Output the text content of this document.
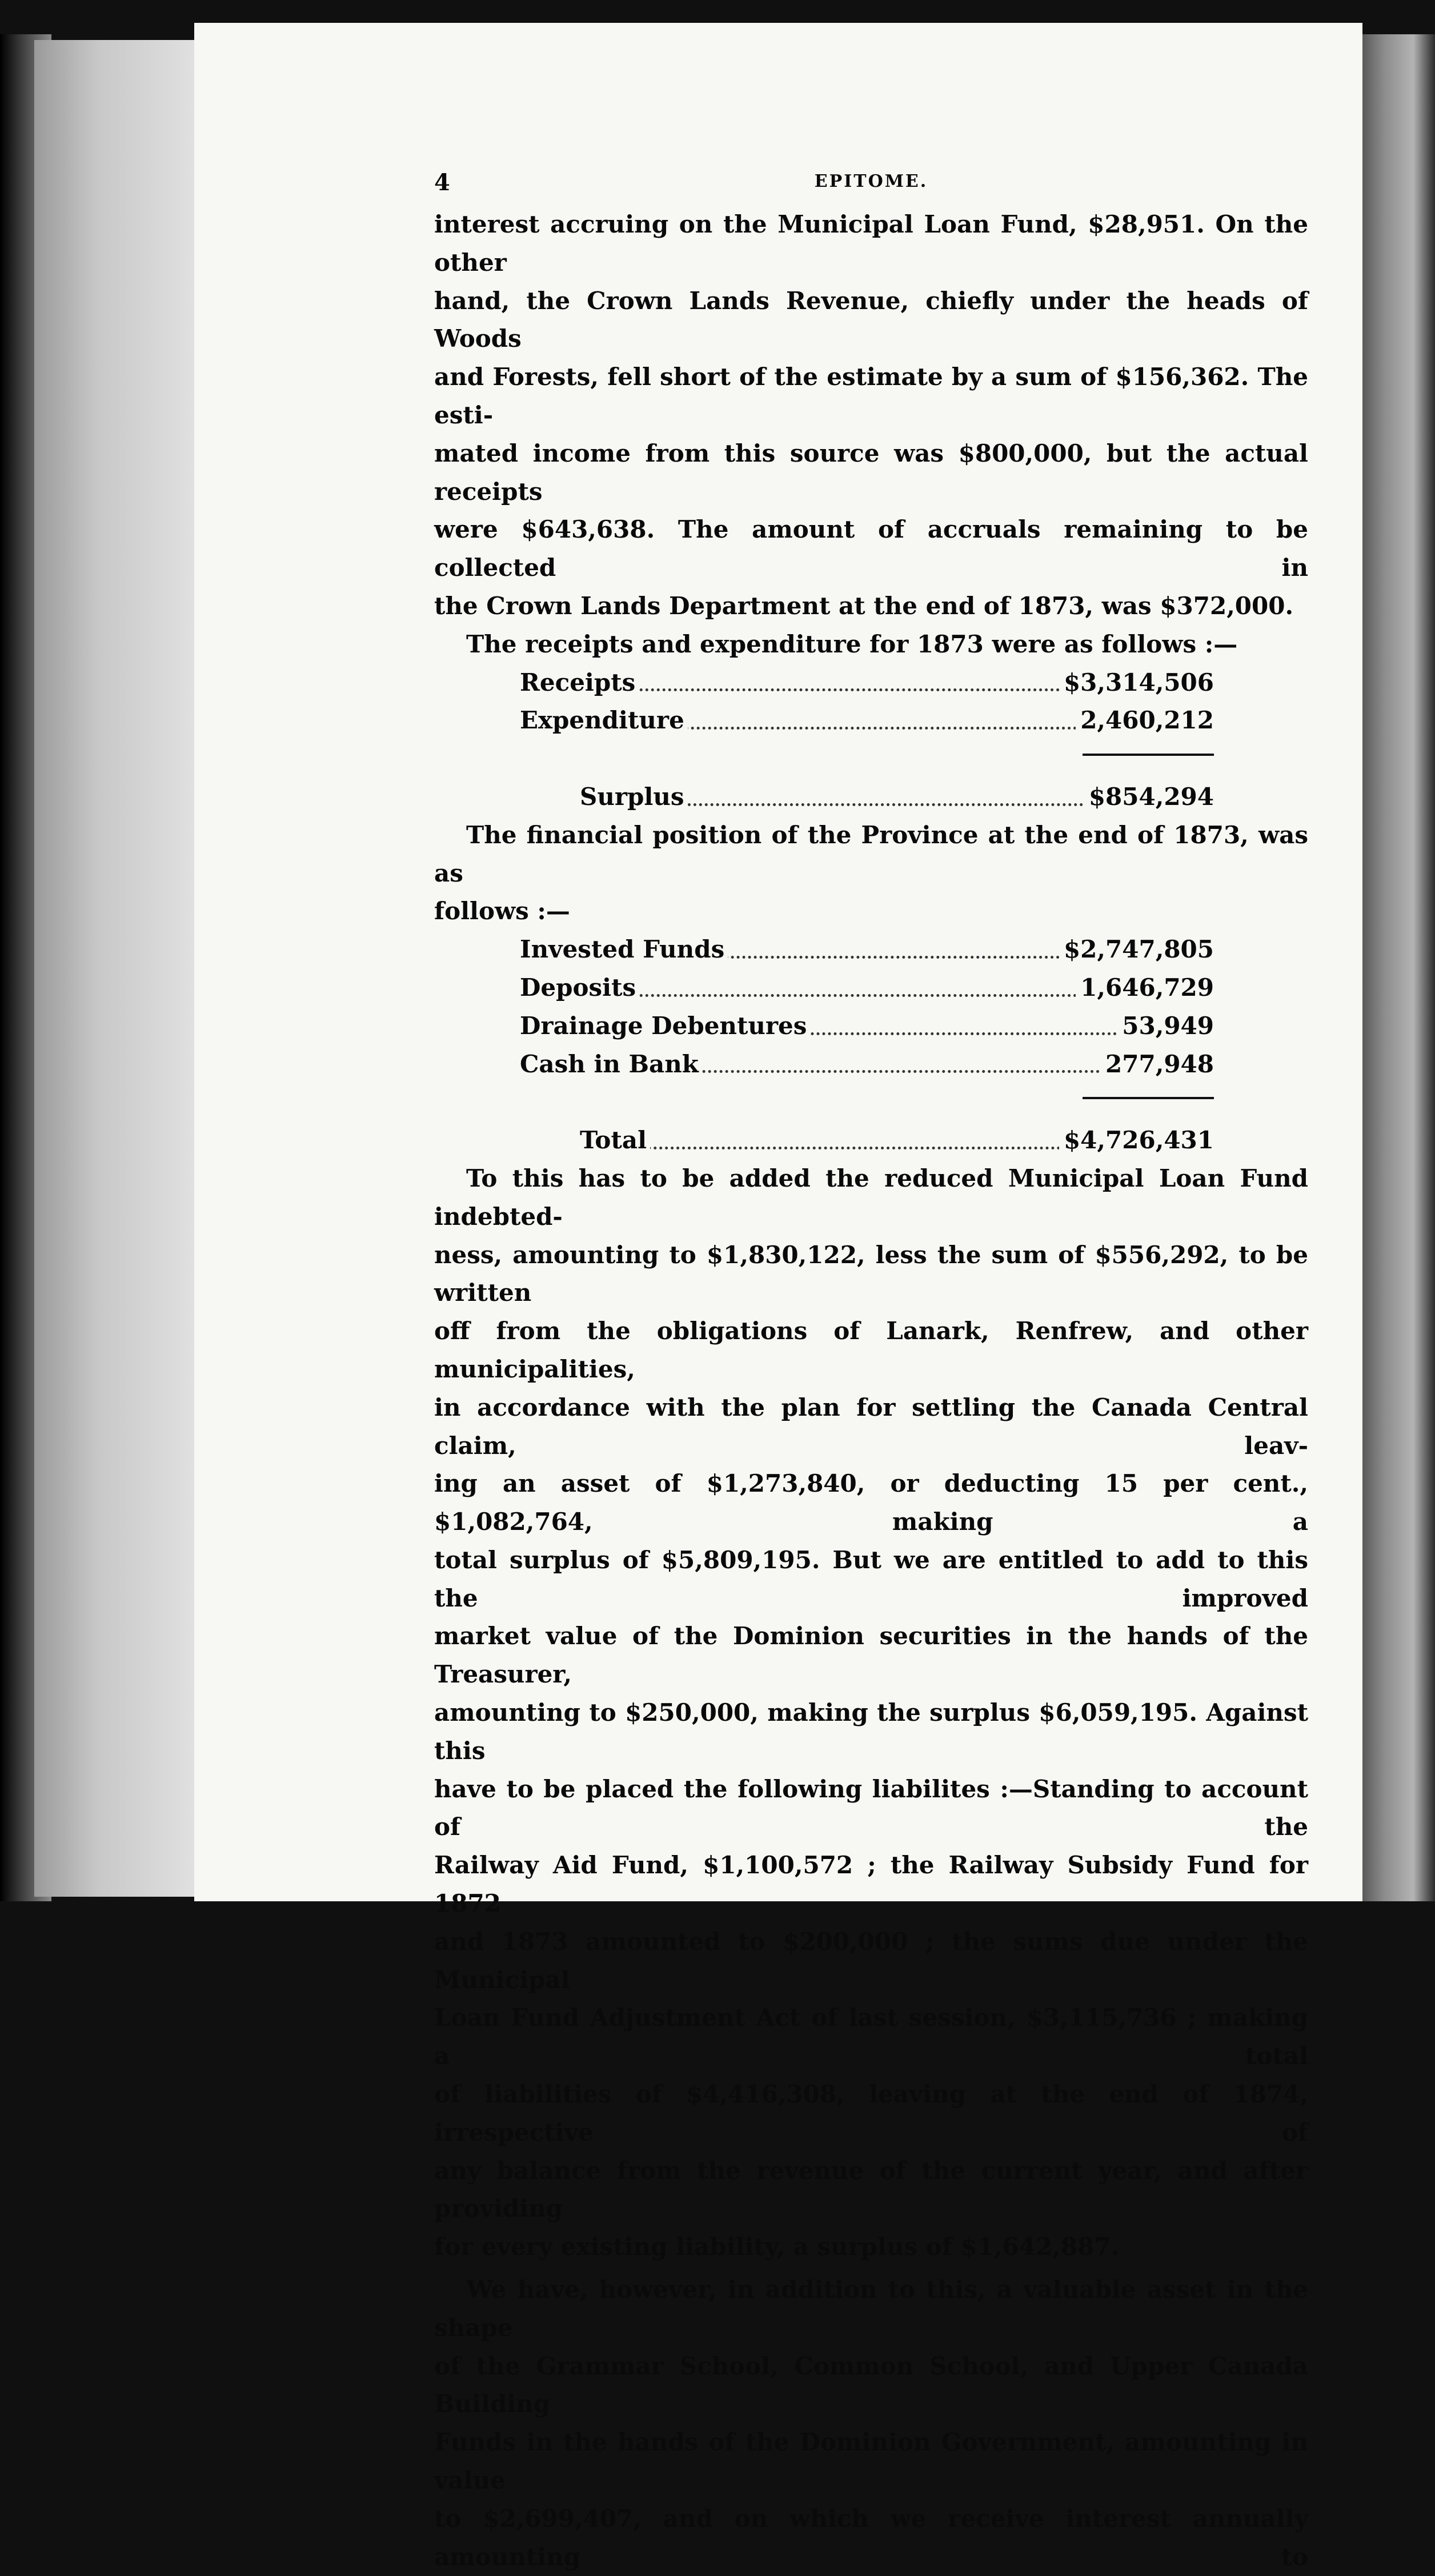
4	EPITOME.

interest accruing on the Municipal Loan Fund, $28,951. On the other

hand, the Crown Lands Revenue, chiefly under the heads of Woods

and Forests, fell short of the estimate by a sum of $156,362. The esti-

mated income from this source was $800,000, but the actual receipts

were $643,638. The amount of accruals remaining to be collected in

the Crown Lands Department at the end of 1873, was $372,000.

The receipts and expenditure for 1873 were as follows :—

Receipts	$3,314,506
Expenditure	2,460,212
Surplus	$854,294

The financial position of the Province at the end of 1873, was as

follows :—

Invested Funds	$2,747,805
Deposits	1,646,729
Drainage Debentures	53,949
Cash in Bank	277,948
Total	$4,726,431

To this has to be added the reduced Municipal Loan Fund indebted-

ness, amounting to $1,830,122, less the sum of $556,292, to be written

off from the obligations of Lanark, Renfrew, and other municipalities,

in accordance with the plan for settling the Canada Central claim, leav-

ing an asset of $1,273,840, or deducting 15 per cent., $1,082,764, making a

total surplus of $5,809,195. But we are entitled to add to this the improved

market value of the Dominion securities in the hands of the Treasurer,

amounting to $250,000, making the surplus $6,059,195. Against this

have to be placed the following liabilites :—Standing to account of the

Railway Aid Fund, $1,100,572 ; the Railway Subsidy Fund for 1872

and 1873 amounted to $200,000 ; the sums due under the Municipal

Loan Fund Adjustment Act of last session, $3,115,736 ; making a total

of liabilities of $4,416,308, leaving at the end of 1874, irrespective of

any balance from the revenue of the current year, and after providing

for every existing liability, a surplus of $1,642,887.

We have, however, in addition to this, a valuable asset in the shape

of the Grammar School, Common School, and Upper Canada Building

Funds in the hands of the Dominion Government, amounting in value

to $2,699,407, and on which we receive interest annually amounting to
